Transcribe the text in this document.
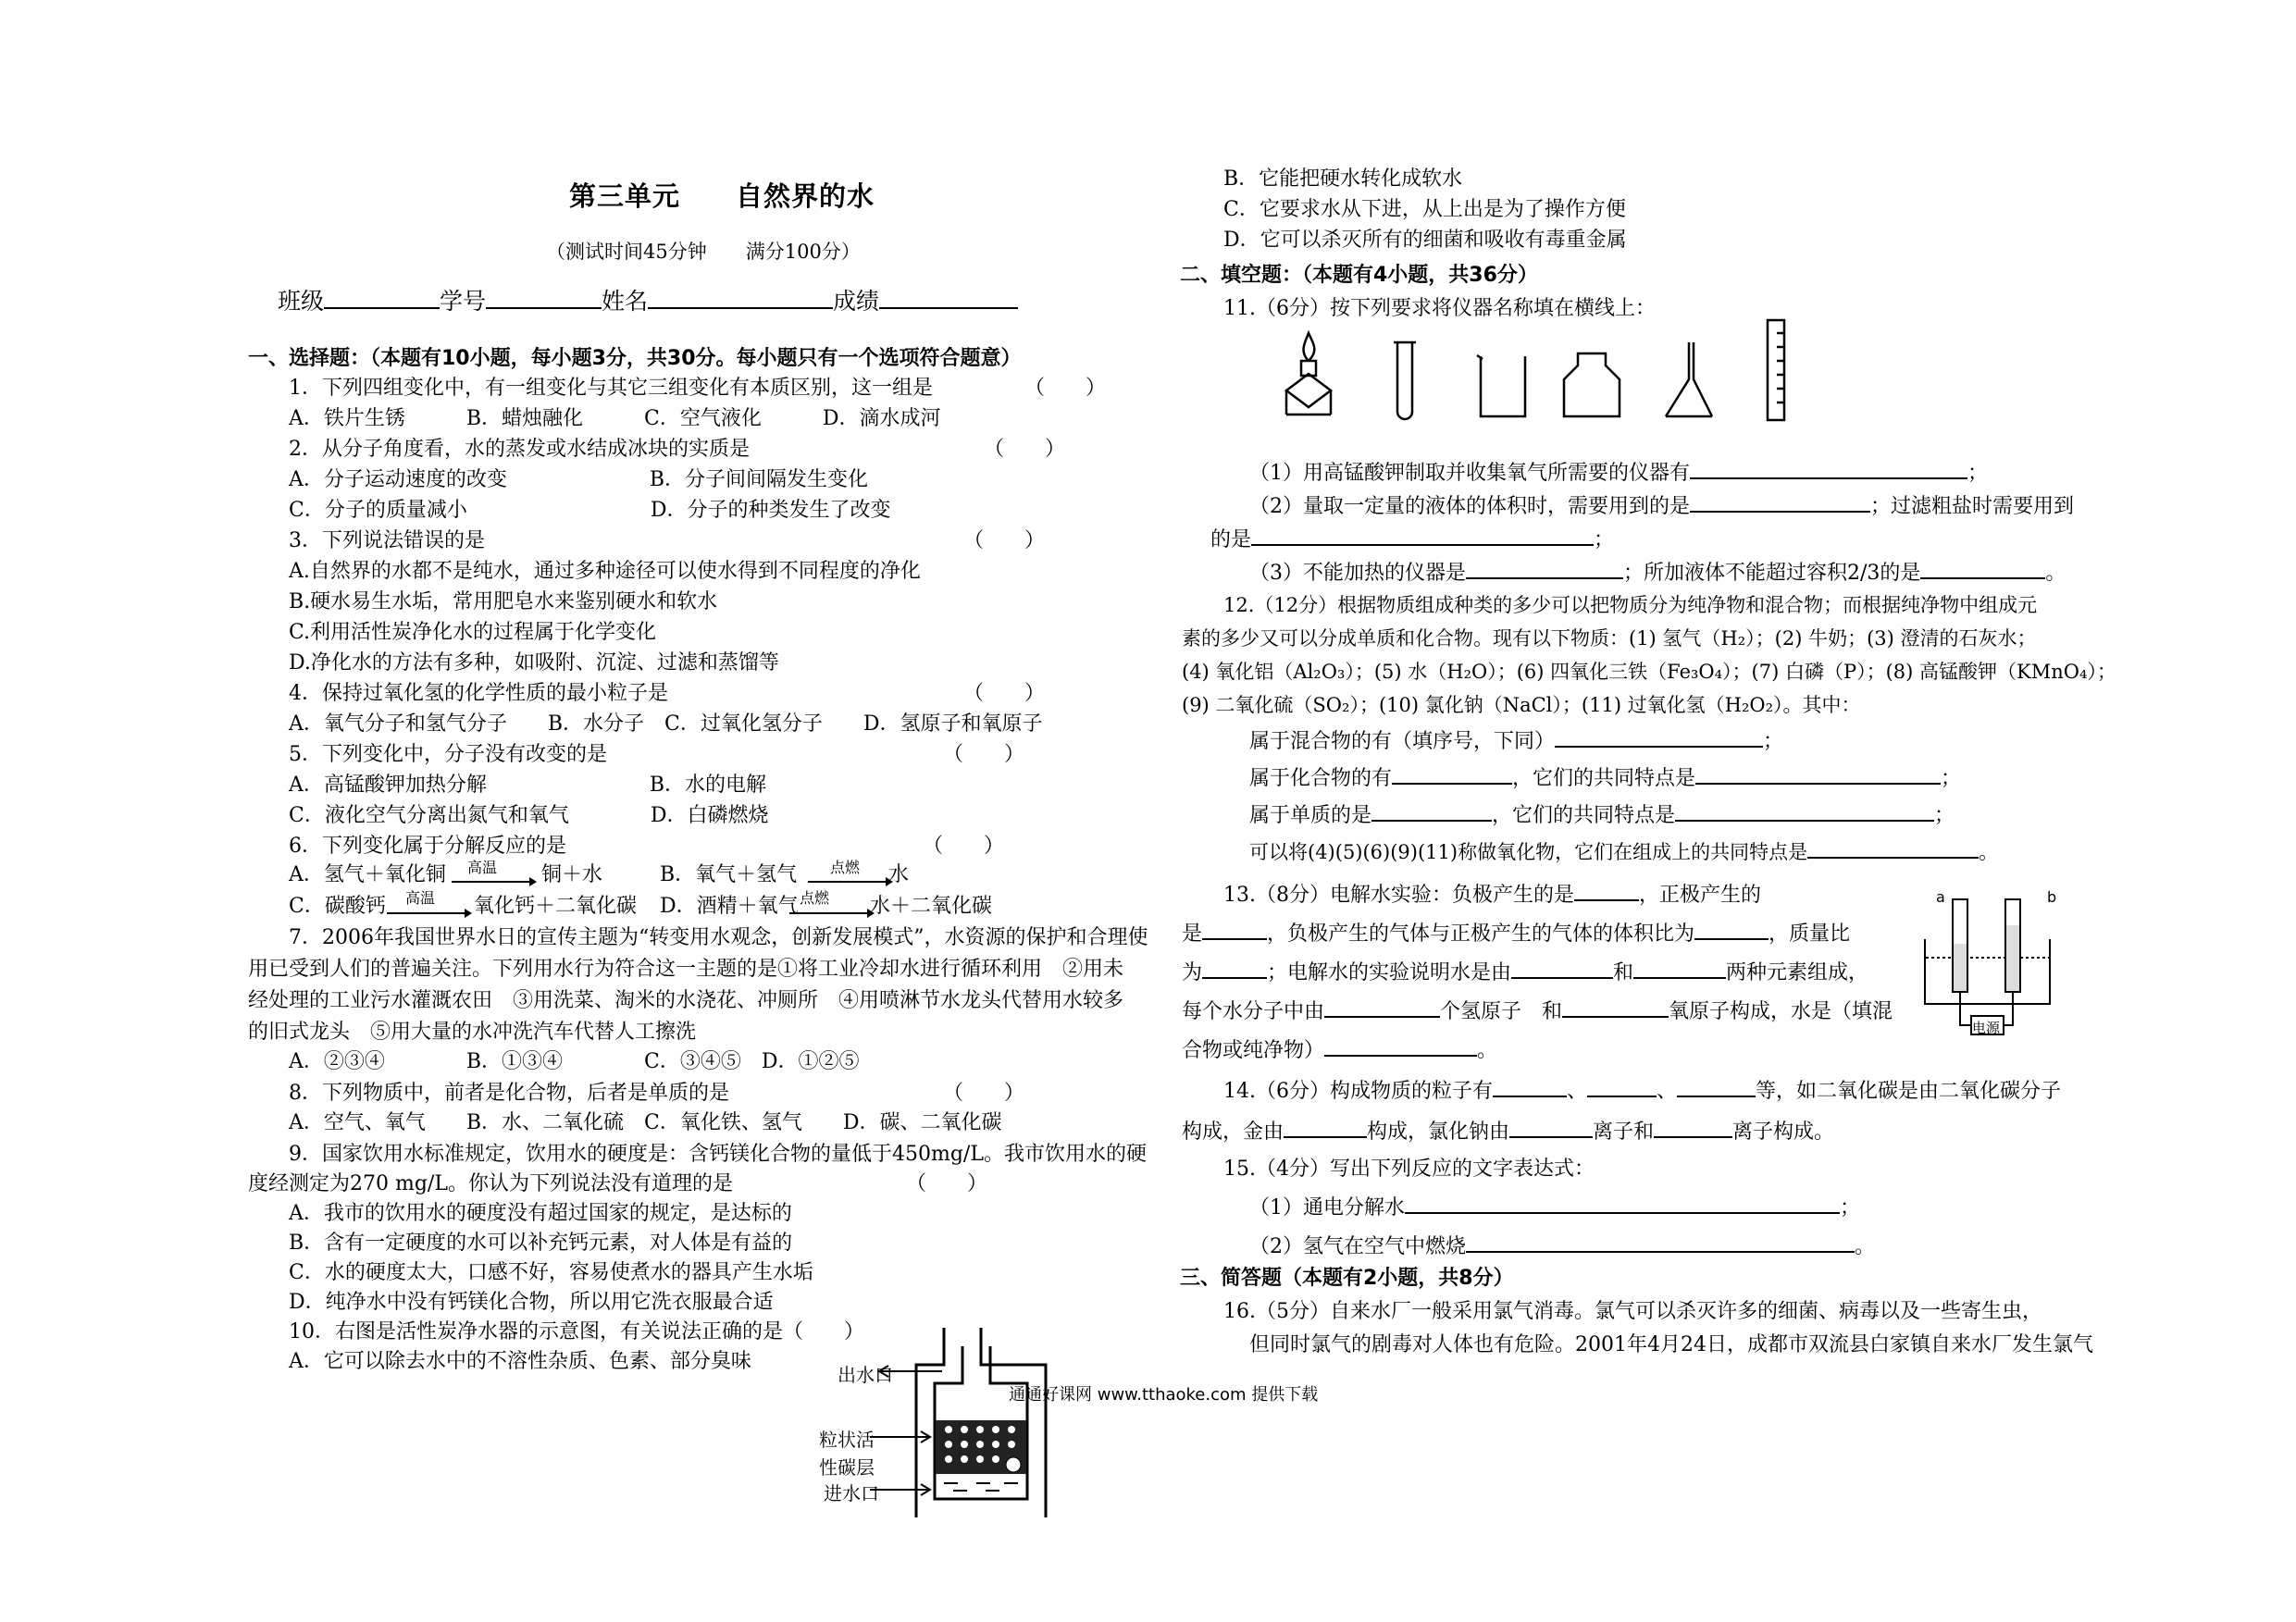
第三单元　　自然界的水
（测试时间45分钟　　满分100分）
班级	学号	姓名	成绩
一、选择题：（本题有10小题，每小题3分，共30分。每小题只有一个选项符合题意）
1．下列四组变化中，有一组变化与其它三组变化有本质区别，这一组是　　　　　（　　）
A．铁片生锈　　　B．蜡烛融化　　　C．空气液化　　　D．滴水成河
2．从分子角度看，水的蒸发或水结成冰块的实质是　　　　　　　　　　　　（　　）
A．分子运动速度的改变　　　　　　　B．分子间间隔发生变化
C．分子的质量减小　　　　　　　　　D．分子的种类发生了改变
3．下列说法错误的是　　　　　　　　　　　　　　　　　　　　　　　　（　　）
A.自然界的水都不是纯水，通过多种途径可以使水得到不同程度的净化
B.硬水易生水垢，常用肥皂水来鉴别硬水和软水
C.利用活性炭净化水的过程属于化学变化
D.净化水的方法有多种，如吸附、沉淀、过滤和蒸馏等
4．保持过氧化氢的化学性质的最小粒子是　　　　　　　　　　　　　　　（　　）
A．氧气分子和氢气分子　　B．水分子　C．过氧化氢分子　　D．氢原子和氧原子
5．下列变化中，分子没有改变的是　　　　　　　　　　　　　　　　　（　　）
A．高锰酸钾加热分解　　　　　　　　B．水的电解
C．液化空气分离出氮气和氧气　　　　D．白磷燃烧
6．下列变化属于分解反应的是　　　　　　　　　　　　　　　　　　（　　）
A．氢气＋氧化铜 高温 铜＋水	B．氧气＋氢气 点燃 水
C．碳酸钙 高温 氧化钙＋二氧化碳 D．酒精＋氧气 点燃 水＋二氧化碳
7．2006年我国世界水日的宣传主题为“转变用水观念，创新发展模式”，水资源的保护和合理使
用已受到人们的普遍关注。下列用水行为符合这一主题的是①将工业冷却水进行循环利用　②用未
经处理的工业污水灌溉农田　③用洗菜、淘米的水浇花、冲厕所　④用喷淋节水龙头代替用水较多
的旧式龙头　⑤用大量的水冲洗汽车代替人工擦洗
A．②③④　　　　B．①③④　　　　C．③④⑤　D．①②⑤
8．下列物质中，前者是化合物，后者是单质的是　　　　　　　　　　　（　　）
A．空气、氧气　　B．水、二氧化硫　C．氧化铁、氢气　　D．碳、二氧化碳
9．国家饮用水标准规定，饮用水的硬度是：含钙镁化合物的量低于450mg/L。我市饮用水的硬
度经测定为270 mg/L。你认为下列说法没有道理的是　　　　　　　　　（　　）
A．我市的饮用水的硬度没有超过国家的规定，是达标的
B．含有一定硬度的水可以补充钙元素，对人体是有益的
C．水的硬度太大，口感不好，容易使煮水的器具产生水垢
D．纯净水中没有钙镁化合物，所以用它洗衣服最合适
10．右图是活性炭净水器的示意图，有关说法正确的是（　　）
A．它可以除去水中的不溶性杂质、色素、部分臭味
出水口
粒状活
性碳层
进水口
B．它能把硬水转化成软水
C．它要求水从下进，从上出是为了操作方便
D．它可以杀灭所有的细菌和吸收有毒重金属
二、填空题：（本题有4小题，共36分）
11.（6分）按下列要求将仪器名称填在横线上：
（1）用高锰酸钾制取并收集氧气所需要的仪器有	；
（2）量取一定量的液体的体积时，需要用到的是	；过滤粗盐时需要用到
的是	；
（3）不能加热的仪器是	；所加液体不能超过容积2/3的是	。
12.（12分）根据物质组成种类的多少可以把物质分为纯净物和混合物；而根据纯净物中组成元
素的多少又可以分成单质和化合物。现有以下物质：(1) 氢气（H₂）；(2) 牛奶；(3) 澄清的石灰水；
(4) 氧化铝（Al₂O₃）；(5) 水（H₂O）；(6) 四氧化三铁（Fe₃O₄）；(7) 白磷（P）；(8) 高锰酸钾（KMnO₄）；
(9) 二氧化硫（SO₂）；(10) 氯化钠（NaCl）；(11) 过氧化氢（H₂O₂）。其中：
属于混合物的有（填序号，下同）	；
属于化合物的有	，它们的共同特点是	；
属于单质的是	，它们的共同特点是	；
可以将(4)(5)(6)(9)(11)称做氧化物，它们在组成上的共同特点是	。
13.（8分）电解水实验：负极产生的是	，正极产生的
是	，负极产生的气体与正极产生的气体的体积比为	，质量比
为	；电解水的实验说明水是由	和	两种元素组成，
每个水分子中由	个氢原子　和	氧原子构成，水是（填混
合物或纯净物）	。
a	b
电源
14.（6分）构成物质的粒子有	、	、	等，如二氧化碳是由二氧化碳分子
构成，金由	构成，氯化钠由	离子和	离子构成。
15.（4分）写出下列反应的文字表达式：
（1）通电分解水	；
（2）氢气在空气中燃烧	。
三、简答题（本题有2小题，共8分）
16.（5分）自来水厂一般采用氯气消毒。氯气可以杀灭许多的细菌、病毒以及一些寄生虫，
但同时氯气的剧毒对人体也有危险。2001年4月24日，成都市双流县白家镇自来水厂发生氯气
通通好课网 www.tthaoke.com 提供下载
